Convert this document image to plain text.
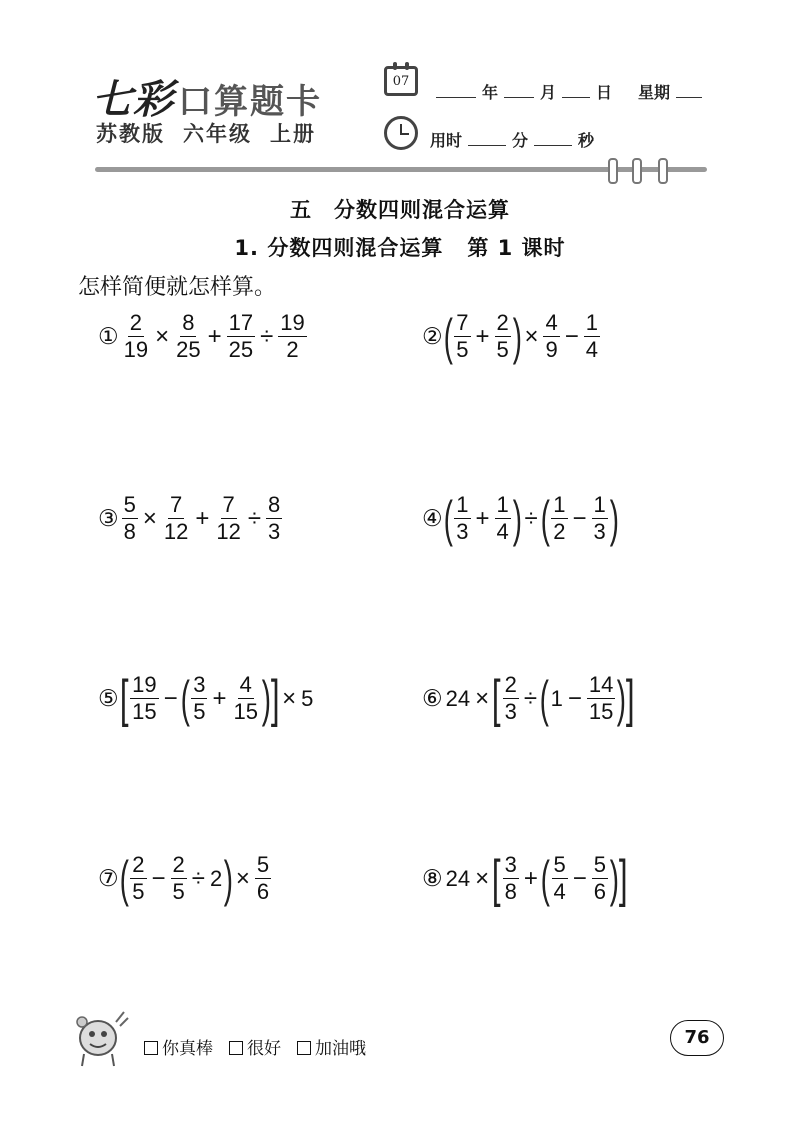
七彩 口算题卡
苏教版 六年级 上册
07
年	月	日 星期
用时	分	秒
五 分数四则混合运算
1. 分数四则混合运算 第 1 课时
怎样简便就怎样算。
① $\frac{2}{19} \times \frac{8}{25} + \frac{17}{25} \div \frac{19}{2}$	② ( $\frac{7}{5} + \frac{2}{5}$ ) × $\frac{4}{9} - \frac{1}{4}$
③ $\frac{5}{8} \times \frac{7}{12} + \frac{7}{12} \div \frac{8}{3}$	④ ( $\frac{1}{3} + \frac{1}{4}$ ) ÷ ( $\frac{1}{2} - \frac{1}{3}$ )
⑤ [ $\frac{19}{15}$ − ( $\frac{3}{5} + \frac{4}{15}$ ) ] × 5	⑥ 24 × [ $\frac{2}{3}$ ÷ ( $1 - \frac{14}{15}$ ) ]
⑦ ( $\frac{2}{5} - \frac{2}{5} \div 2$ ) × $\frac{5}{6}$	⑧ 24 × [ $\frac{3}{8}$ + ( $\frac{5}{4} - \frac{5}{6}$ ) ]
你真棒	很好	加油哦
76
